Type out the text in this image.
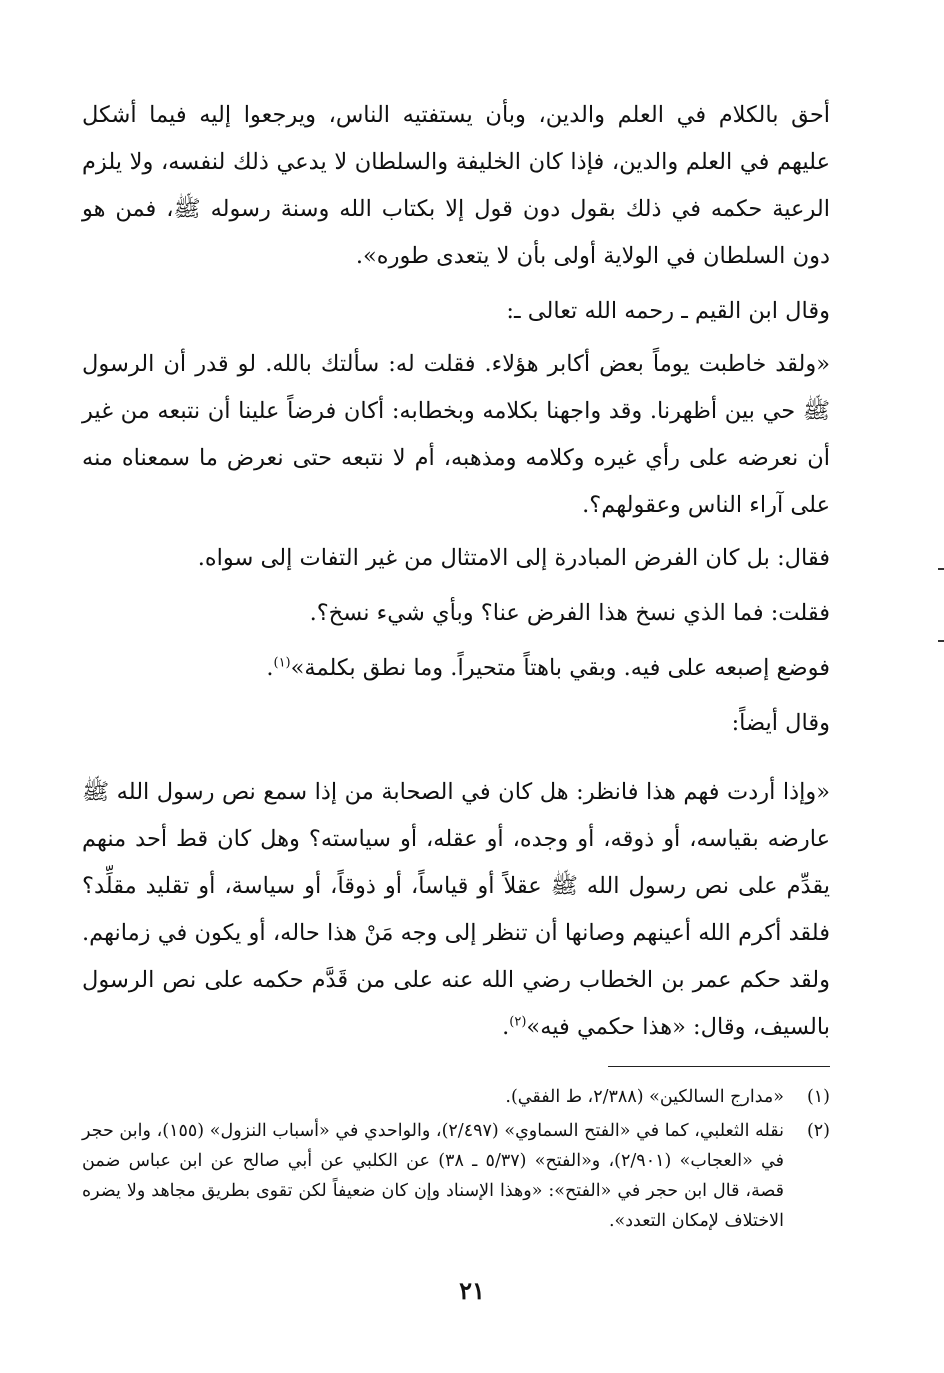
أحق بالكلام في العلم والدين، وبأن يستفتيه الناس، ويرجعوا إليه فيما أشكل عليهم في العلم والدين، فإذا كان الخليفة والسلطان لا يدعي ذلك لنفسه، ولا يلزم الرعية حكمه في ذلك بقول دون قول إلا بكتاب الله وسنة رسوله ﷺ، فمن هو دون السلطان في الولاية أولى بأن لا يتعدى طوره».

وقال ابن القيم ـ رحمه الله تعالى ـ:

«ولقد خاطبت يوماً بعض أكابر هؤلاء. فقلت له: سألتك بالله. لو قدر أن الرسول ﷺ حي بين أظهرنا. وقد واجهنا بكلامه وبخطابه: أكان فرضاً علينا أن نتبعه من غير أن نعرضه على رأي غيره وكلامه ومذهبه، أم لا نتبعه حتى نعرض ما سمعناه منه على آراء الناس وعقولهم؟.

فقال: بل كان الفرض المبادرة إلى الامتثال من غير التفات إلى سواه.

فقلت: فما الذي نسخ هذا الفرض عنا؟ وبأي شيء نسخ؟.

فوضع إصبعه على فيه. وبقي باهتاً متحيراً. وما نطق بكلمة»$^{(١)}$.

وقال أيضاً:

«وإذا أردت فهم هذا فانظر: هل كان في الصحابة من إذا سمع نص رسول الله ﷺ عارضه بقياسه، أو ذوقه، أو وجده، أو عقله، أو سياسته؟ وهل كان قط أحد منهم يقدِّم على نص رسول الله ﷺ عقلاً أو قياساً، أو ذوقاً، أو سياسة، أو تقليد مقلِّد؟ فلقد أكرم الله أعينهم وصانها أن تنظر إلى وجه مَنْ هذا حاله، أو يكون في زمانهم. ولقد حكم عمر بن الخطاب رضي الله عنه على من قَدَّم حكمه على نص الرسول بالسيف، وقال: «هذا حكمي فيه»$^{(٢)}$.

(١)
«مدارج السالكين» (٢/٣٨٨، ط الفقي).
(٢)
نقله الثعلبي، كما في «الفتح السماوي» (٢/٤٩٧)، والواحدي في «أسباب النزول» (١٥٥)، وابن حجر في «العجاب» (٢/٩٠١)، و«الفتح» (٥/٣٧ ـ ٣٨) عن الكلبي عن أبي صالح عن ابن عباس ضمن قصة، قال ابن حجر في «الفتح»: «وهذا الإسناد وإن كان ضعيفاً لكن تقوى بطريق مجاهد ولا يضره الاختلاف لإمكان التعدد».
٢١
